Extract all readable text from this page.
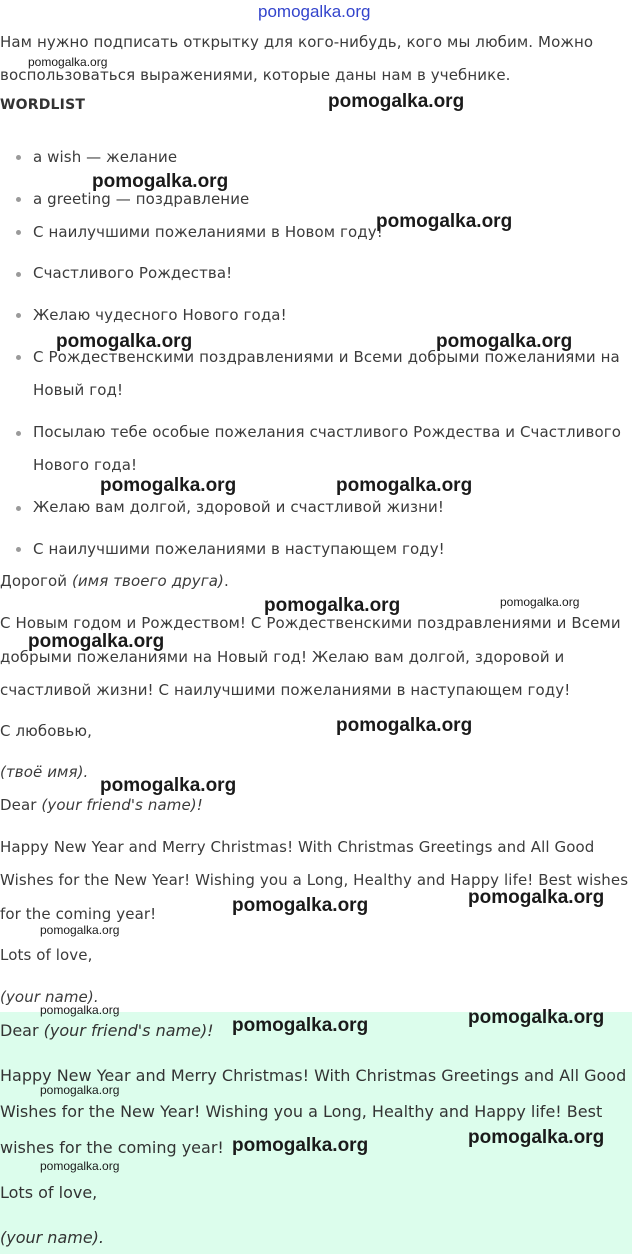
pomogalka.org
Нам нужно подписать открытку для кого-нибудь, кого мы любим. Можно
воспользоваться выражениями, которые даны нам в учебнике.
WORDLIST
a wish — желание
a greeting — поздравление
С наилучшими пожеланиями в Новом году!
Счастливого Рождества!
Желаю чудесного Нового года!
С Рождественскими поздравлениями и Всеми добрыми пожеланиями на
Новый год!
Посылаю тебе особые пожелания счастливого Рождества и Счастливого
Нового года!
Желаю вам долгой, здоровой и счастливой жизни!
С наилучшими пожеланиями в наступающем году!
Дорогой (имя твоего друга).
С Новым годом и Рождеством! С Рождественскими поздравлениями и Всеми
добрыми пожеланиями на Новый год! Желаю вам долгой, здоровой и
счастливой жизни! С наилучшими пожеланиями в наступающем году!
С любовью,
(твоё имя).
Dear (your friend's name)!
Happy New Year and Merry Christmas! With Christmas Greetings and All Good
Wishes for the New Year! Wishing you a Long, Healthy and Happy life! Best wishes
for the coming year!
Lots of love,
(your name).
Dear (your friend's name)!
Happy New Year and Merry Christmas! With Christmas Greetings and All Good
Wishes for the New Year! Wishing you a Long, Healthy and Happy life! Best
wishes for the coming year!
Lots of love,
(your name).
pomogalka.org
pomogalka.org
pomogalka.org
pomogalka.org
pomogalka.org	pomogalka.org
pomogalka.org	pomogalka.org
pomogalka.org	pomogalka.org
pomogalka.org
pomogalka.org
pomogalka.org
pomogalka.org	pomogalka.org
pomogalka.org
pomogalka.org
pomogalka.org	pomogalka.org
pomogalka.org
pomogalka.org	pomogalka.org
pomogalka.org
